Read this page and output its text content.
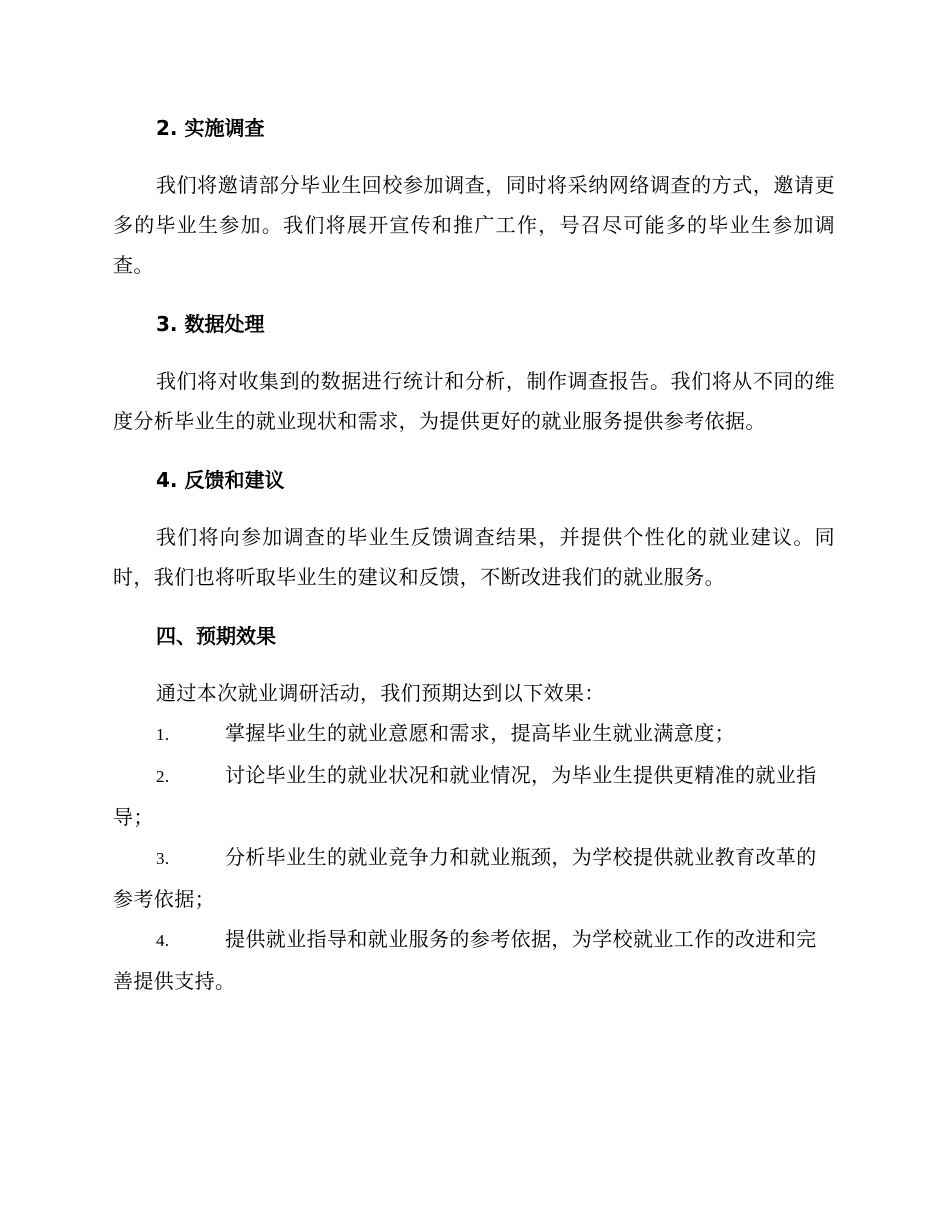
2. 实施调查

我们将邀请部分毕业生回校参加调查，同时将采纳网络调查的方式，邀请更多的毕业生参加。我们将展开宣传和推广工作，号召尽可能多的毕业生参加调查。

3. 数据处理

我们将对收集到的数据进行统计和分析，制作调查报告。我们将从不同的维度分析毕业生的就业现状和需求，为提供更好的就业服务提供参考依据。

4. 反馈和建议

我们将向参加调查的毕业生反馈调查结果，并提供个性化的就业建议。同时，我们也将听取毕业生的建议和反馈，不断改进我们的就业服务。

四、预期效果

通过本次就业调研活动，我们预期达到以下效果：

1.	掌握毕业生的就业意愿和需求，提高毕业生就业满意度；

2.	讨论毕业生的就业状况和就业情况，为毕业生提供更精准的就业指导；

3.	分析毕业生的就业竞争力和就业瓶颈，为学校提供就业教育改革的参考依据；

4.	提供就业指导和就业服务的参考依据，为学校就业工作的改进和完善提供支持。
